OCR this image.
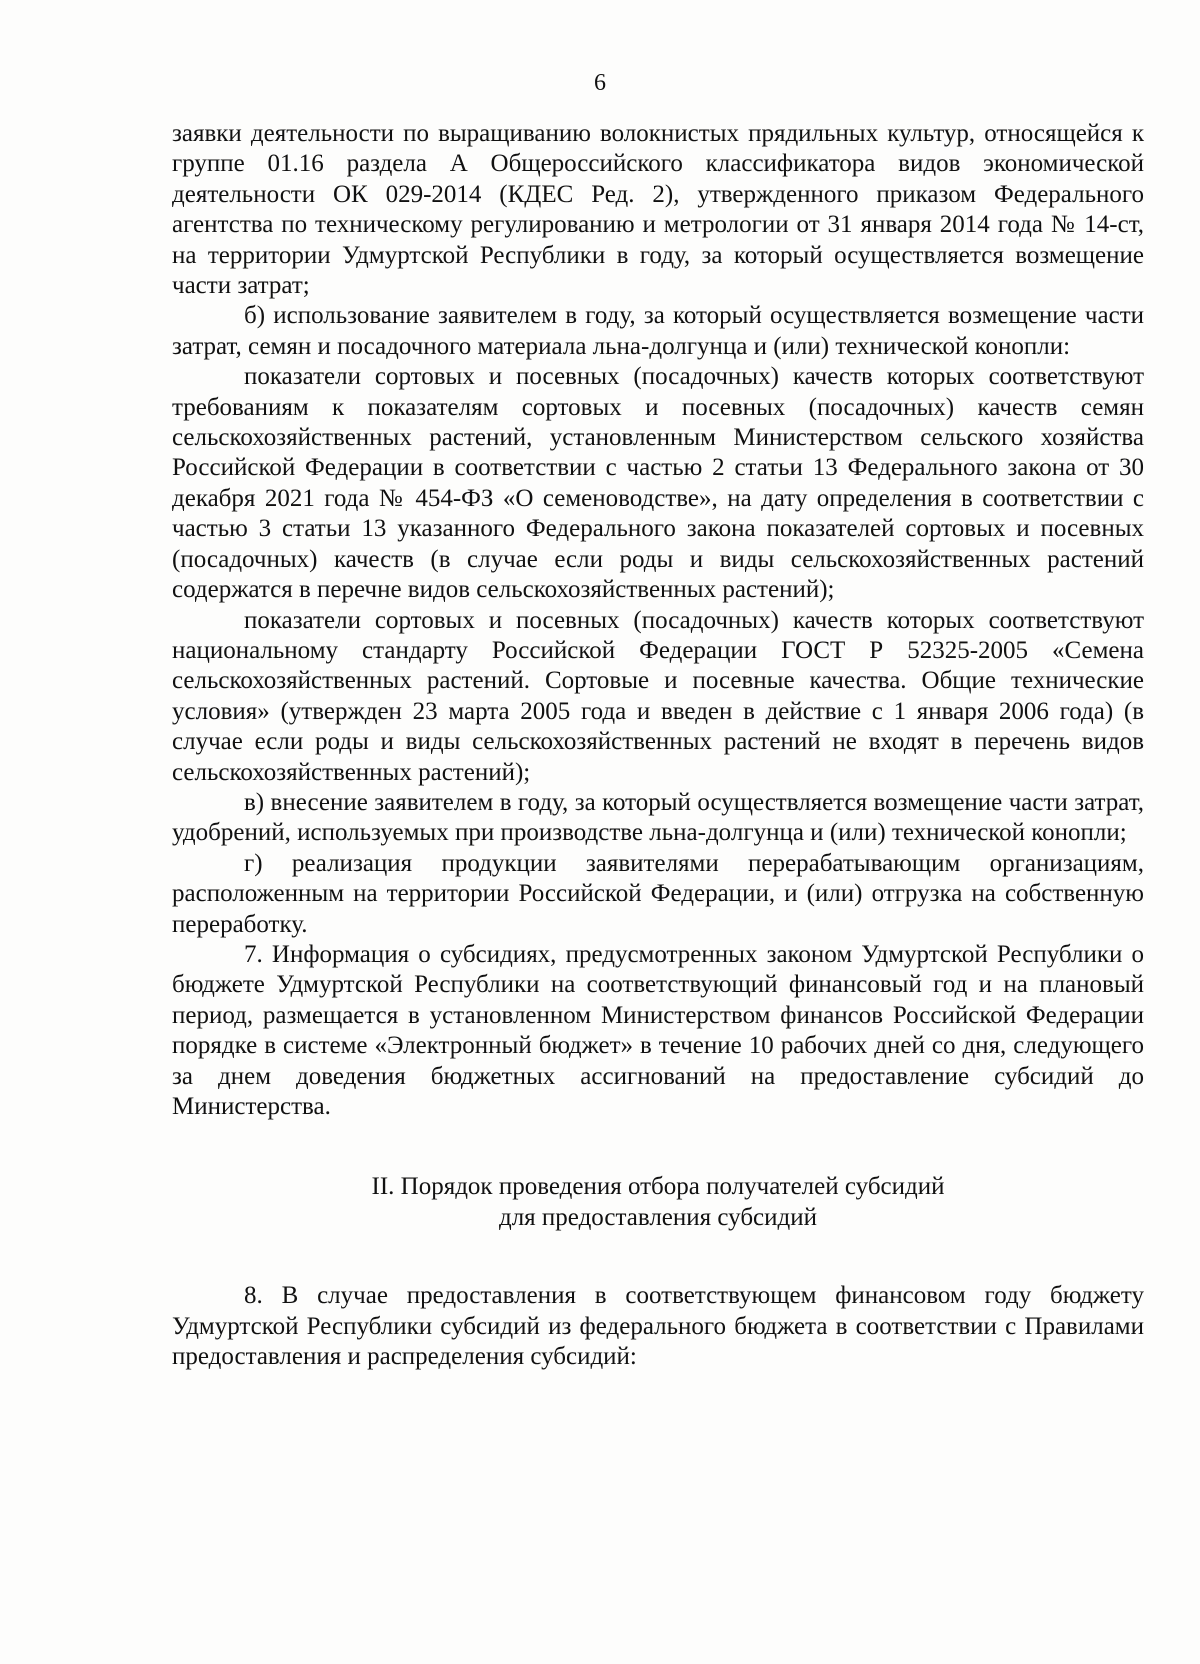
6

заявки деятельности по выращиванию волокнистых прядильных культур, относящейся к группе 01.16 раздела А Общероссийского классификатора видов экономической деятельности ОК 029-2014 (КДЕС Ред. 2), утвержденного приказом Федерального агентства по техническому регулированию и метрологии от 31 января 2014 года № 14-ст, на территории Удмуртской Республики в году, за который осуществляется возмещение части затрат;

б) использование заявителем в году, за который осуществляется возмещение части затрат, семян и посадочного материала льна-долгунца и (или) технической конопли:

показатели сортовых и посевных (посадочных) качеств которых соответствуют требованиям к показателям сортовых и посевных (посадочных) качеств семян сельскохозяйственных растений, установленным Министерством сельского хозяйства Российской Федерации в соответствии с частью 2 статьи 13 Федерального закона от 30 декабря 2021 года № 454-ФЗ «О семеноводстве», на дату определения в соответствии с частью 3 статьи 13 указанного Федерального закона показателей сортовых и посевных (посадочных) качеств (в случае если роды и виды сельскохозяйственных растений содержатся в перечне видов сельскохозяйственных растений);

показатели сортовых и посевных (посадочных) качеств которых соответствуют национальному стандарту Российской Федерации ГОСТ Р 52325-2005 «Семена сельскохозяйственных растений. Сортовые и посевные качества. Общие технические условия» (утвержден 23 марта 2005 года и введен в действие с 1 января 2006 года) (в случае если роды и виды сельскохозяйственных растений не входят в перечень видов сельскохозяйственных растений);

в) внесение заявителем в году, за который осуществляется возмещение части затрат, удобрений, используемых при производстве льна-долгунца и (или) технической конопли;

г) реализация продукции заявителями перерабатывающим организациям, расположенным на территории Российской Федерации, и (или) отгрузка на собственную переработку.

7. Информация о субсидиях, предусмотренных законом Удмуртской Республики о бюджете Удмуртской Республики на соответствующий финансовый год и на плановый период, размещается в установленном Министерством финансов Российской Федерации порядке в системе «Электронный бюджет» в течение 10 рабочих дней со дня, следующего за днем доведения бюджетных ассигнований на предоставление субсидий до Министерства.

II. Порядок проведения отбора получателей субсидий
для предоставления субсидий

8. В случае предоставления в соответствующем финансовом году бюджету Удмуртской Республики субсидий из федерального бюджета в соответствии с Правилами предоставления и распределения субсидий:
